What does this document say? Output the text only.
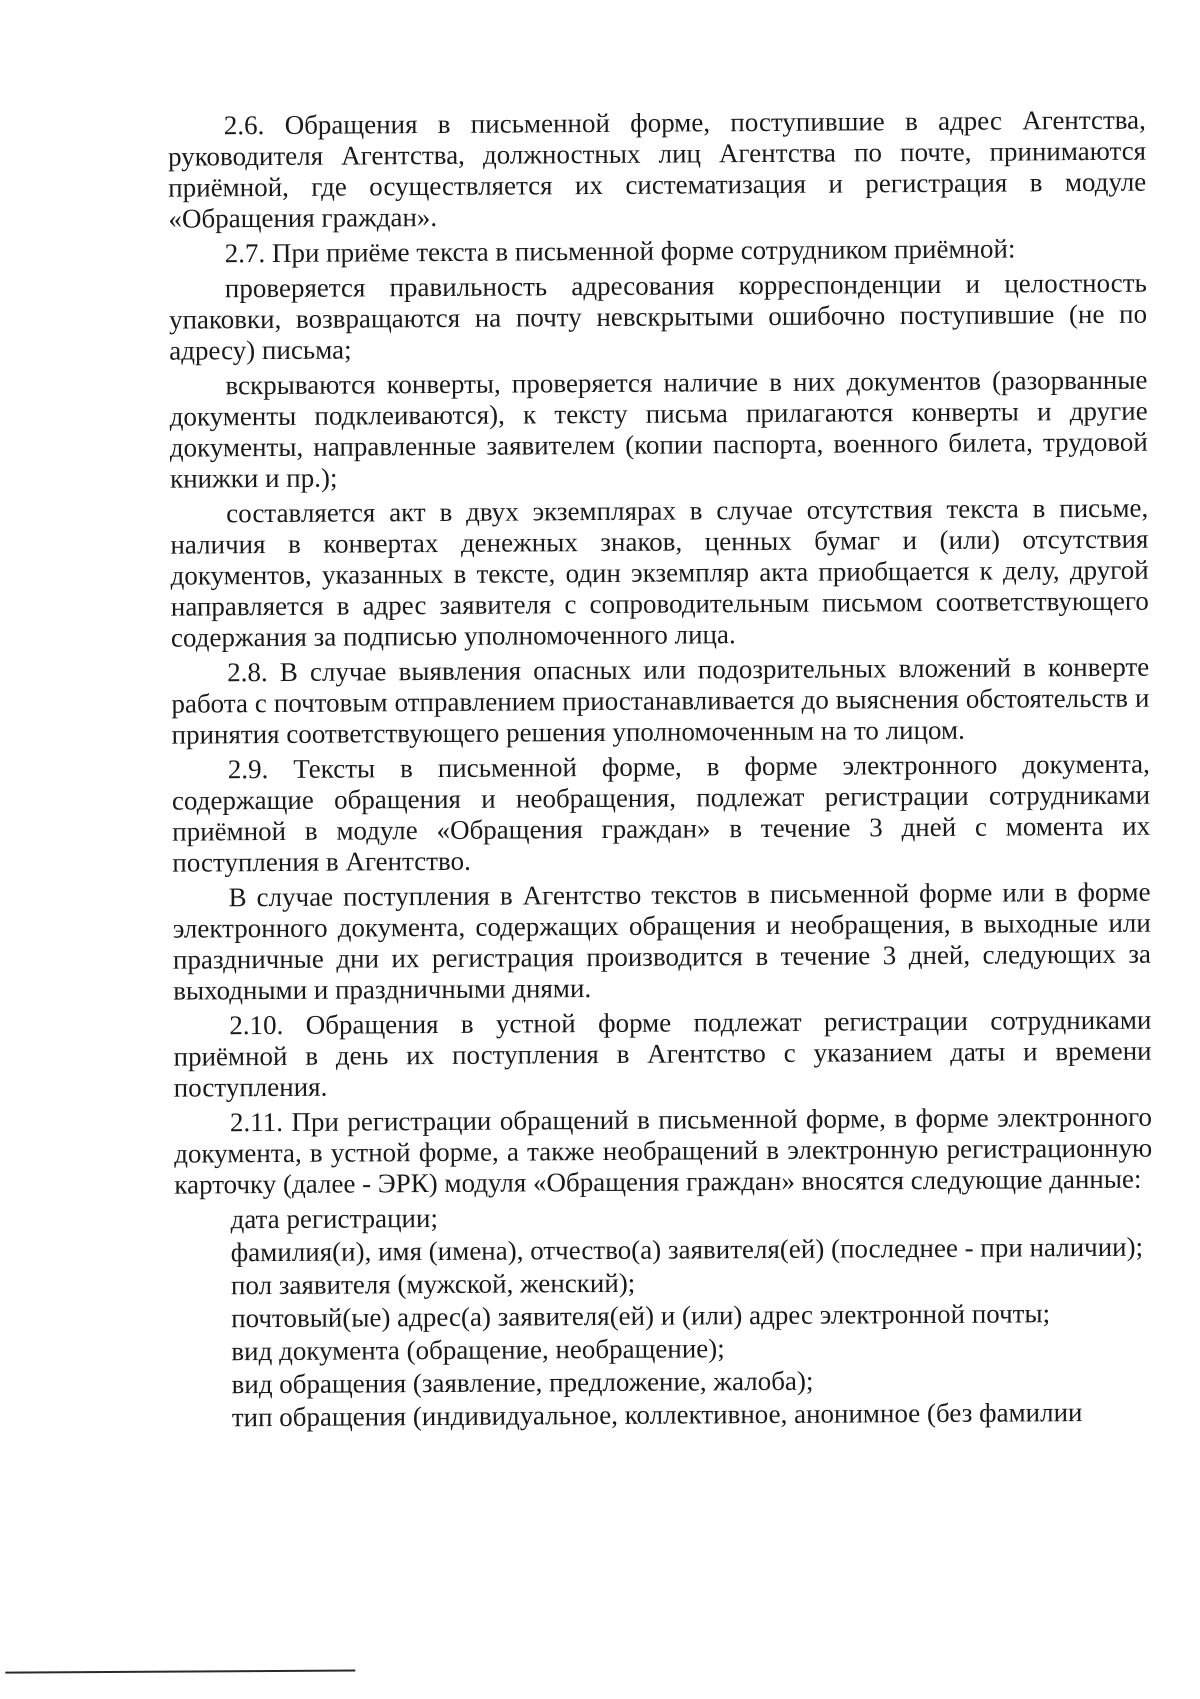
2.6. Обращения в письменной форме, поступившие в адрес Агентства, руководителя Агентства, должностных лиц Агентства по почте, принимаются приёмной, где осуществляется их систематизация и регистрация в модуле «Обращения граждан».

2.7. При приёме текста в письменной форме сотрудником приёмной:

проверяется правильность адресования корреспонденции и целостность упаковки, возвращаются на почту невскрытыми ошибочно поступившие (не по адресу) письма;

вскрываются конверты, проверяется наличие в них документов (разорванные документы подклеиваются), к тексту письма прилагаются конверты и другие документы, направленные заявителем (копии паспорта, военного билета, трудовой книжки и пр.);

составляется акт в двух экземплярах в случае отсутствия текста в письме, наличия в конвертах денежных знаков, ценных бумаг и (или) отсутствия документов, указанных в тексте, один экземпляр акта приобщается к делу, другой направляется в адрес заявителя с сопроводительным письмом соответствующего содержания за подписью уполномоченного лица.

2.8. В случае выявления опасных или подозрительных вложений в конверте работа с почтовым отправлением приостанавливается до выяснения обстоятельств и принятия соответствующего решения уполномоченным на то лицом.

2.9. Тексты в письменной форме, в форме электронного документа, содержащие обращения и необращения, подлежат регистрации сотрудниками приёмной в модуле «Обращения граждан» в течение 3 дней с момента их поступления в Агентство.

В случае поступления в Агентство текстов в письменной форме или в форме электронного документа, содержащих обращения и необращения, в выходные или праздничные дни их регистрация производится в течение 3 дней, следующих за выходными и праздничными днями.

2.10. Обращения в устной форме подлежат регистрации сотрудниками приёмной в день их поступления в Агентство с указанием даты и времени поступления.

2.11. При регистрации обращений в письменной форме, в форме электронного документа, в устной форме, а также необращений в электронную регистрационную карточку (далее - ЭРК) модуля «Обращения граждан» вносятся следующие данные:

дата регистрации;

фамилия(и), имя (имена), отчество(а) заявителя(ей) (последнее - при наличии);

пол заявителя (мужской, женский);

почтовый(ые) адрес(а) заявителя(ей) и (или) адрес электронной почты;

вид документа (обращение, необращение);

вид обращения (заявление, предложение, жалоба);

тип обращения (индивидуальное, коллективное, анонимное (без фамилии
